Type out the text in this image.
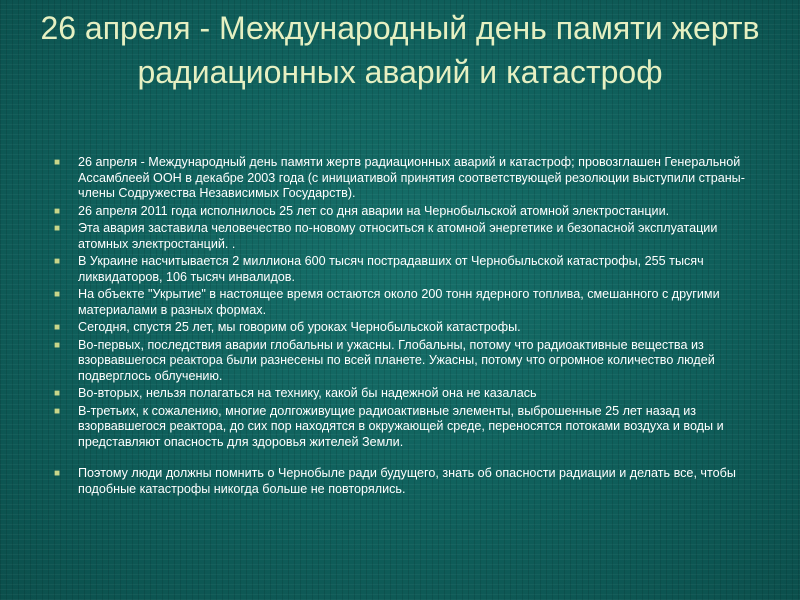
26 апреля - Международный день памяти жертв радиационных аварий и катастроф
■ 26 апреля - Международный день памяти жертв радиационных аварий и катастроф; провозглашен Генеральной Ассамблеей ООН в декабре 2003 года (с инициативой принятия соответствующей резолюции выступили страны-члены Содружества Независимых Государств).
■ 26 апреля 2011 года исполнилось 25 лет со дня аварии на Чернобыльской атомной электростанции.
■ Эта авария заставила человечество по-новому относиться к атомной энергетике и безопасной эксплуатации атомных электростанций. .
■ В Украине насчитывается 2 миллиона 600 тысяч пострадавших от Чернобыльской катастрофы, 255 тысяч ликвидаторов, 106 тысяч инвалидов.
■ На объекте "Укрытие" в настоящее время остаются около 200 тонн ядерного топлива, смешанного с другими материалами в разных формах.
■ Сегодня, спустя 25 лет, мы говорим об уроках Чернобыльской катастрофы.
■ Во-первых, последствия аварии глобальны и ужасны. Глобальны, потому что радиоактивные вещества из взорвавшегося реактора были разнесены по всей планете. Ужасны, потому что огромное количество людей подверглось облучению.
■ Во-вторых, нельзя полагаться на технику, какой бы надежной она не казалась
■ В-третьих, к сожалению, многие долгоживущие радиоактивные элементы, выброшенные 25 лет назад из взорвавшегося реактора, до сих пор находятся в окружающей среде, переносятся потоками воздуха и воды и представляют опасность для здоровья жителей Земли.
■ Поэтому люди должны помнить о Чернобыле ради будущего, знать об опасности радиации и делать все, чтобы подобные катастрофы никогда больше не повторялись.
